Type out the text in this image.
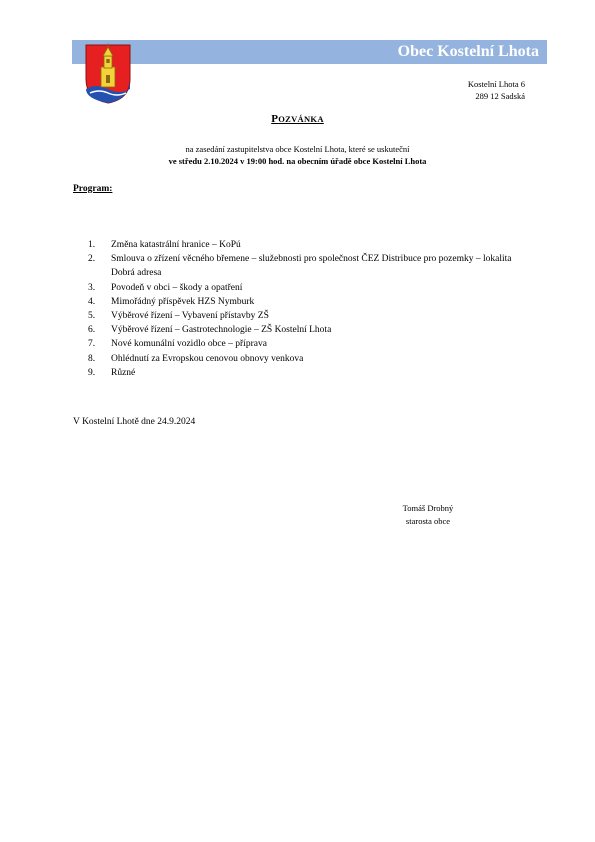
Obec Kostelní Lhota
Kostelní Lhota 6
289 12 Sadská
POZVÁNKA
na zasedání zastupitelstva obce Kostelní Lhota, které se uskuteční
ve středu 2.10.2024 v 19:00 hod. na obecním úřadě obce Kostelní Lhota
Program:
1.	Změna katastrální hranice – KoPú
2.	Smlouva o zřízení věcného břemene – služebnosti pro společnost ČEZ Distribuce pro pozemky – lokalita Dobrá adresa
3.	Povodeň v obci – škody a opatření
4.	Mimořádný příspěvek HZS Nymburk
5.	Výběrové řízení – Vybavení přístavby ZŠ
6.	Výběrové řízení – Gastrotechnologie – ZŠ Kostelní Lhota
7.	Nové komunální vozidlo obce – příprava
8.	Ohlédnutí za Evropskou cenovou obnovy venkova
9.	Různé
V Kostelní Lhotě dne 24.9.2024
Tomáš Drobný
starosta obce
